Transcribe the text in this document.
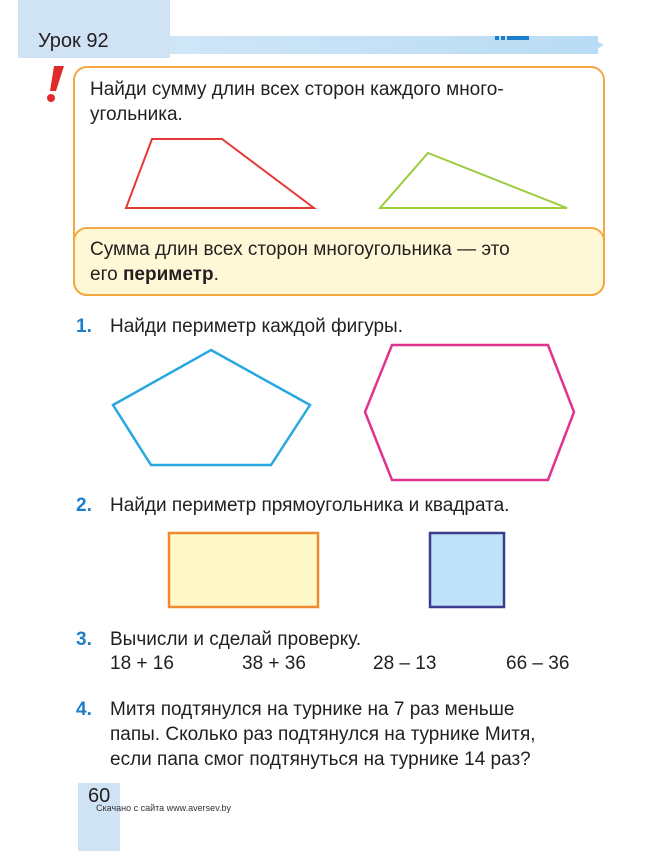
Урок 92
Найди сумму длин всех сторон каждого много-
угольника.
Сумма длин всех сторон многоугольника — это
его периметр.
1. Найди периметр каждой фигуры.
2. Найди периметр прямоугольника и квадрата.
3. Вычисли и сделай проверку.
18 + 16	38 + 36	28 – 13	66 – 36
4. Митя подтянулся на турнике на 7 раз меньше
папы. Сколько раз подтянулся на турнике Митя,
если папа смог подтянуться на турнике 14 раз?
60
Скачано с сайта www.aversev.by
